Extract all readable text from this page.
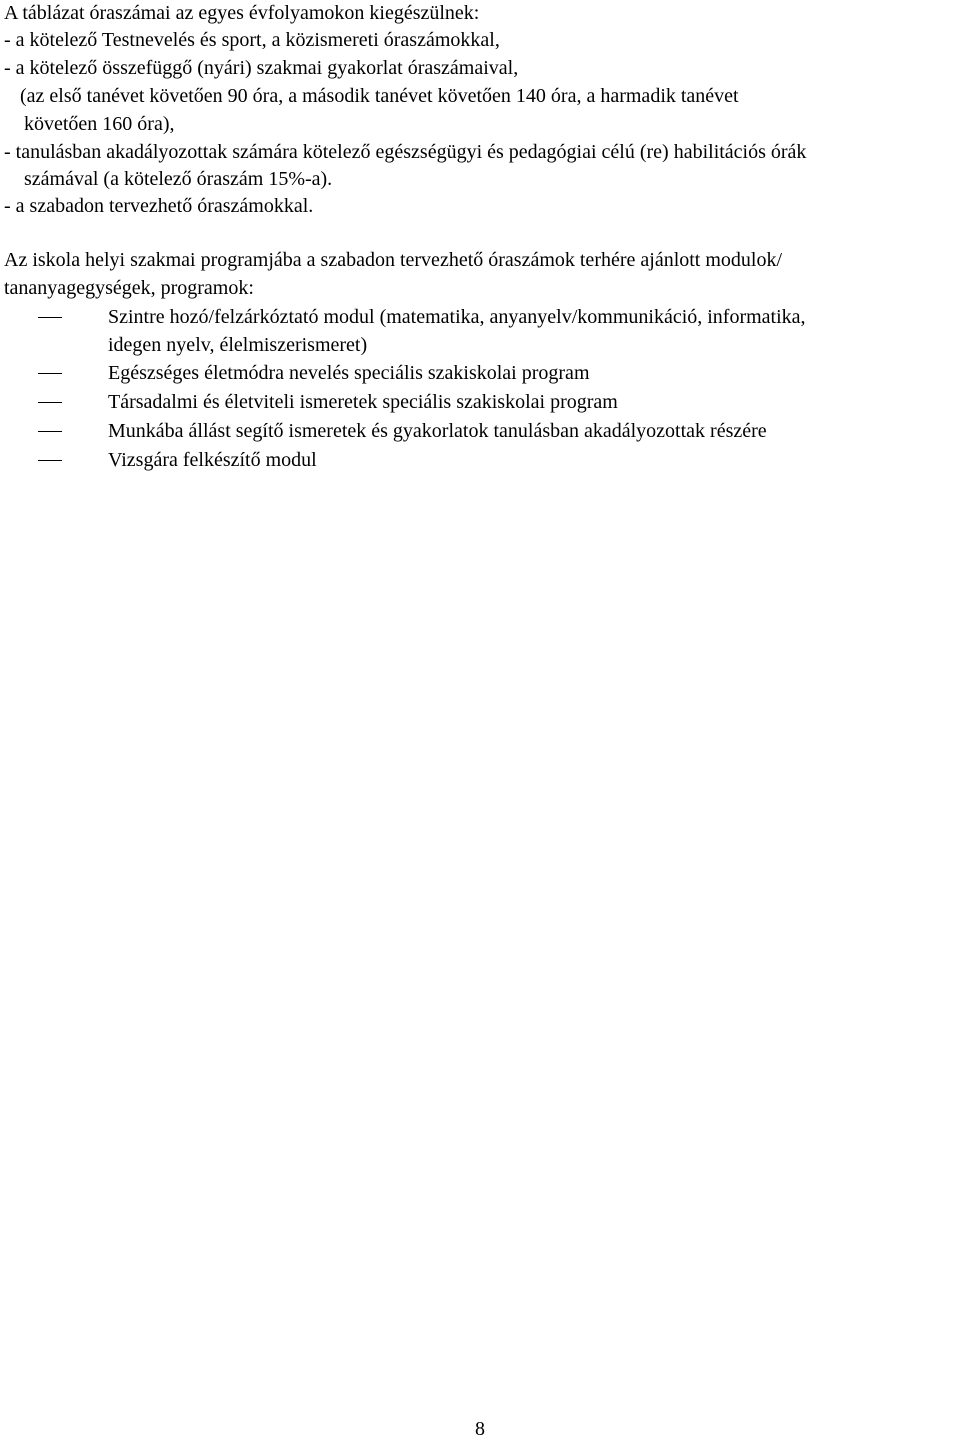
A táblázat óraszámai az egyes évfolyamokon kiegészülnek:
- a kötelező Testnevelés és sport, a közismereti óraszámokkal,
- a kötelező összefüggő (nyári) szakmai gyakorlat óraszámaival,
(az első tanévet követően 90 óra, a második tanévet követően 140 óra, a harmadik tanévet
követően 160 óra),
- tanulásban akadályozottak számára kötelező egészségügyi és pedagógiai célú (re) habilitációs órák
számával (a kötelező óraszám 15%-a).
- a szabadon tervezhető óraszámokkal.
Az iskola helyi szakmai programjába a szabadon tervezhető óraszámok terhére ajánlott modulok/
tananyagegységek, programok:
Szintre hozó/felzárkóztató modul (matematika, anyanyelv/kommunikáció, informatika,
idegen nyelv, élelmiszerismeret)
Egészséges életmódra nevelés speciális szakiskolai program
Társadalmi és életviteli ismeretek speciális szakiskolai program
Munkába állást segítő ismeretek és gyakorlatok tanulásban akadályozottak részére
Vizsgára felkészítő modul
8
